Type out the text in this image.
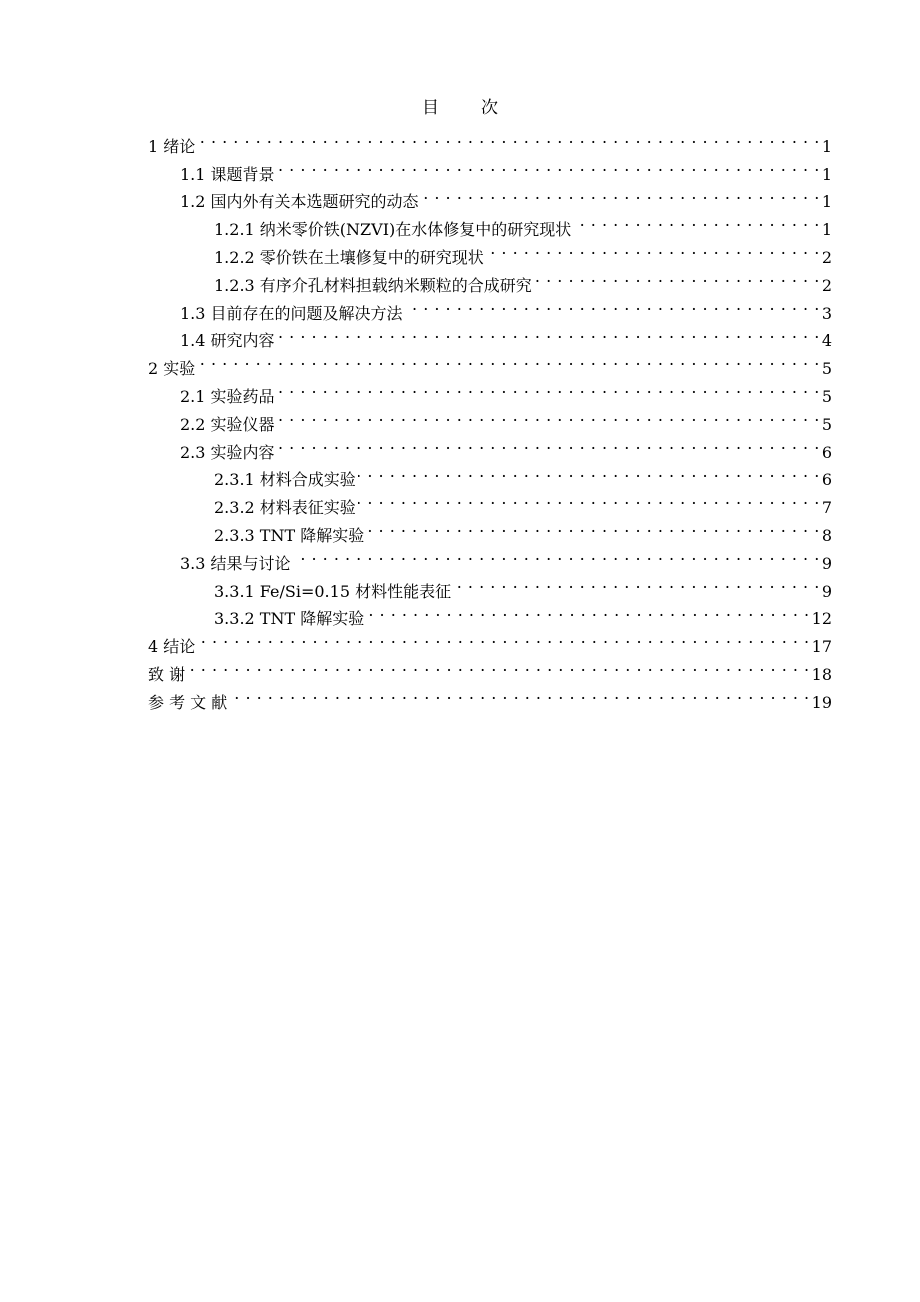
目 次
1 绪论 . . .	1
1.1 课题背景 . . .	1
1.2 国内外有关本选题研究的动态 . . .	1
1.2.1 纳米零价铁(NZVI)在水体修复中的研究现状 . . .	1
1.2.2 零价铁在土壤修复中的研究现状 . . .	2
1.2.3 有序介孔材料担载纳米颗粒的合成研究 . . .	2
1.3 目前存在的问题及解决方法 . . .	3
1.4 研究内容 . . .	4
2 实验 . . .	5
2.1 实验药品 . . .	5
2.2 实验仪器 . . .	5
2.3 实验内容 . . .	6
2.3.1 材料合成实验 . . .	6
2.3.2 材料表征实验 . . .	7
2.3.3 TNT 降解实验 . . .	8
3.3 结果与讨论 . . .	9
3.3.1 Fe/Si=0.15 材料性能表征 . . .	9
3.3.2 TNT 降解实验 . . .	12
4 结论 . . .	17
致 谢 . . .	18
参 考 文 献 . . .	19
